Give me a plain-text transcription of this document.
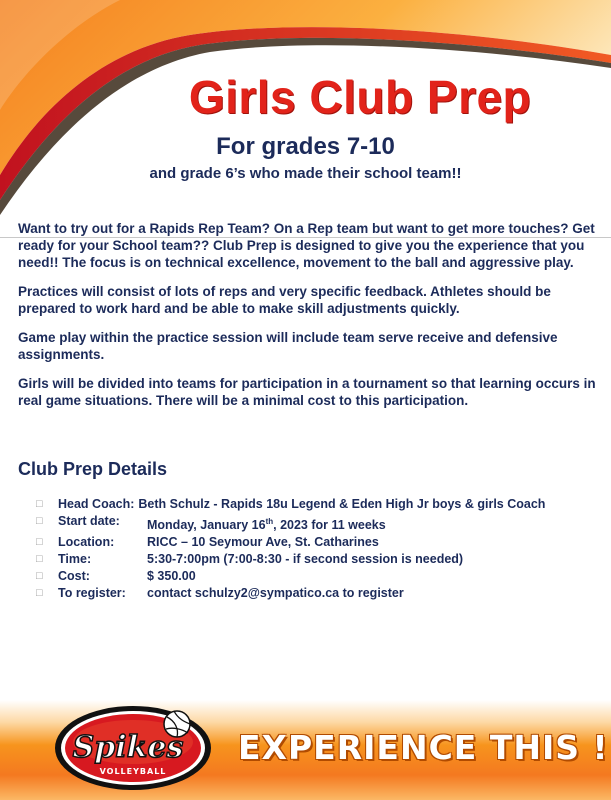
Girls Club Prep
For grades 7-10
and grade 6’s who made their school team!!

Want to try out for a Rapids Rep Team? On a Rep team but want to get more touches? Get ready for your School team?? Club Prep is designed to give you the experience that you need!! The focus is on technical excellence, movement to the ball and aggressive play.

Practices will consist of lots of reps and very specific feedback. Athletes should be prepared to work hard and be able to make skill adjustments quickly.

Game play within the practice session will include team serve receive and defensive assignments.

Girls will be divided into teams for participation in a tournament so that learning occurs in real game situations. There will be a minimal cost to this participation.

Club Prep Details
□	Head Coach: Beth Schulz - Rapids 18u Legend & Eden High Jr boys & girls Coach
□	Start date:	Monday, January 16th, 2023 for 11 weeks
□	Location:	RICC – 10 Seymour Ave, St. Catharines
□	Time:	5:30-7:00pm (7:00-8:30 - if second session is needed)
□	Cost:	$ 350.00
□	To register:	contact schulzy2@sympatico.ca to register
Spikes
VOLLEYBALL
EXPERIENCE THIS !
